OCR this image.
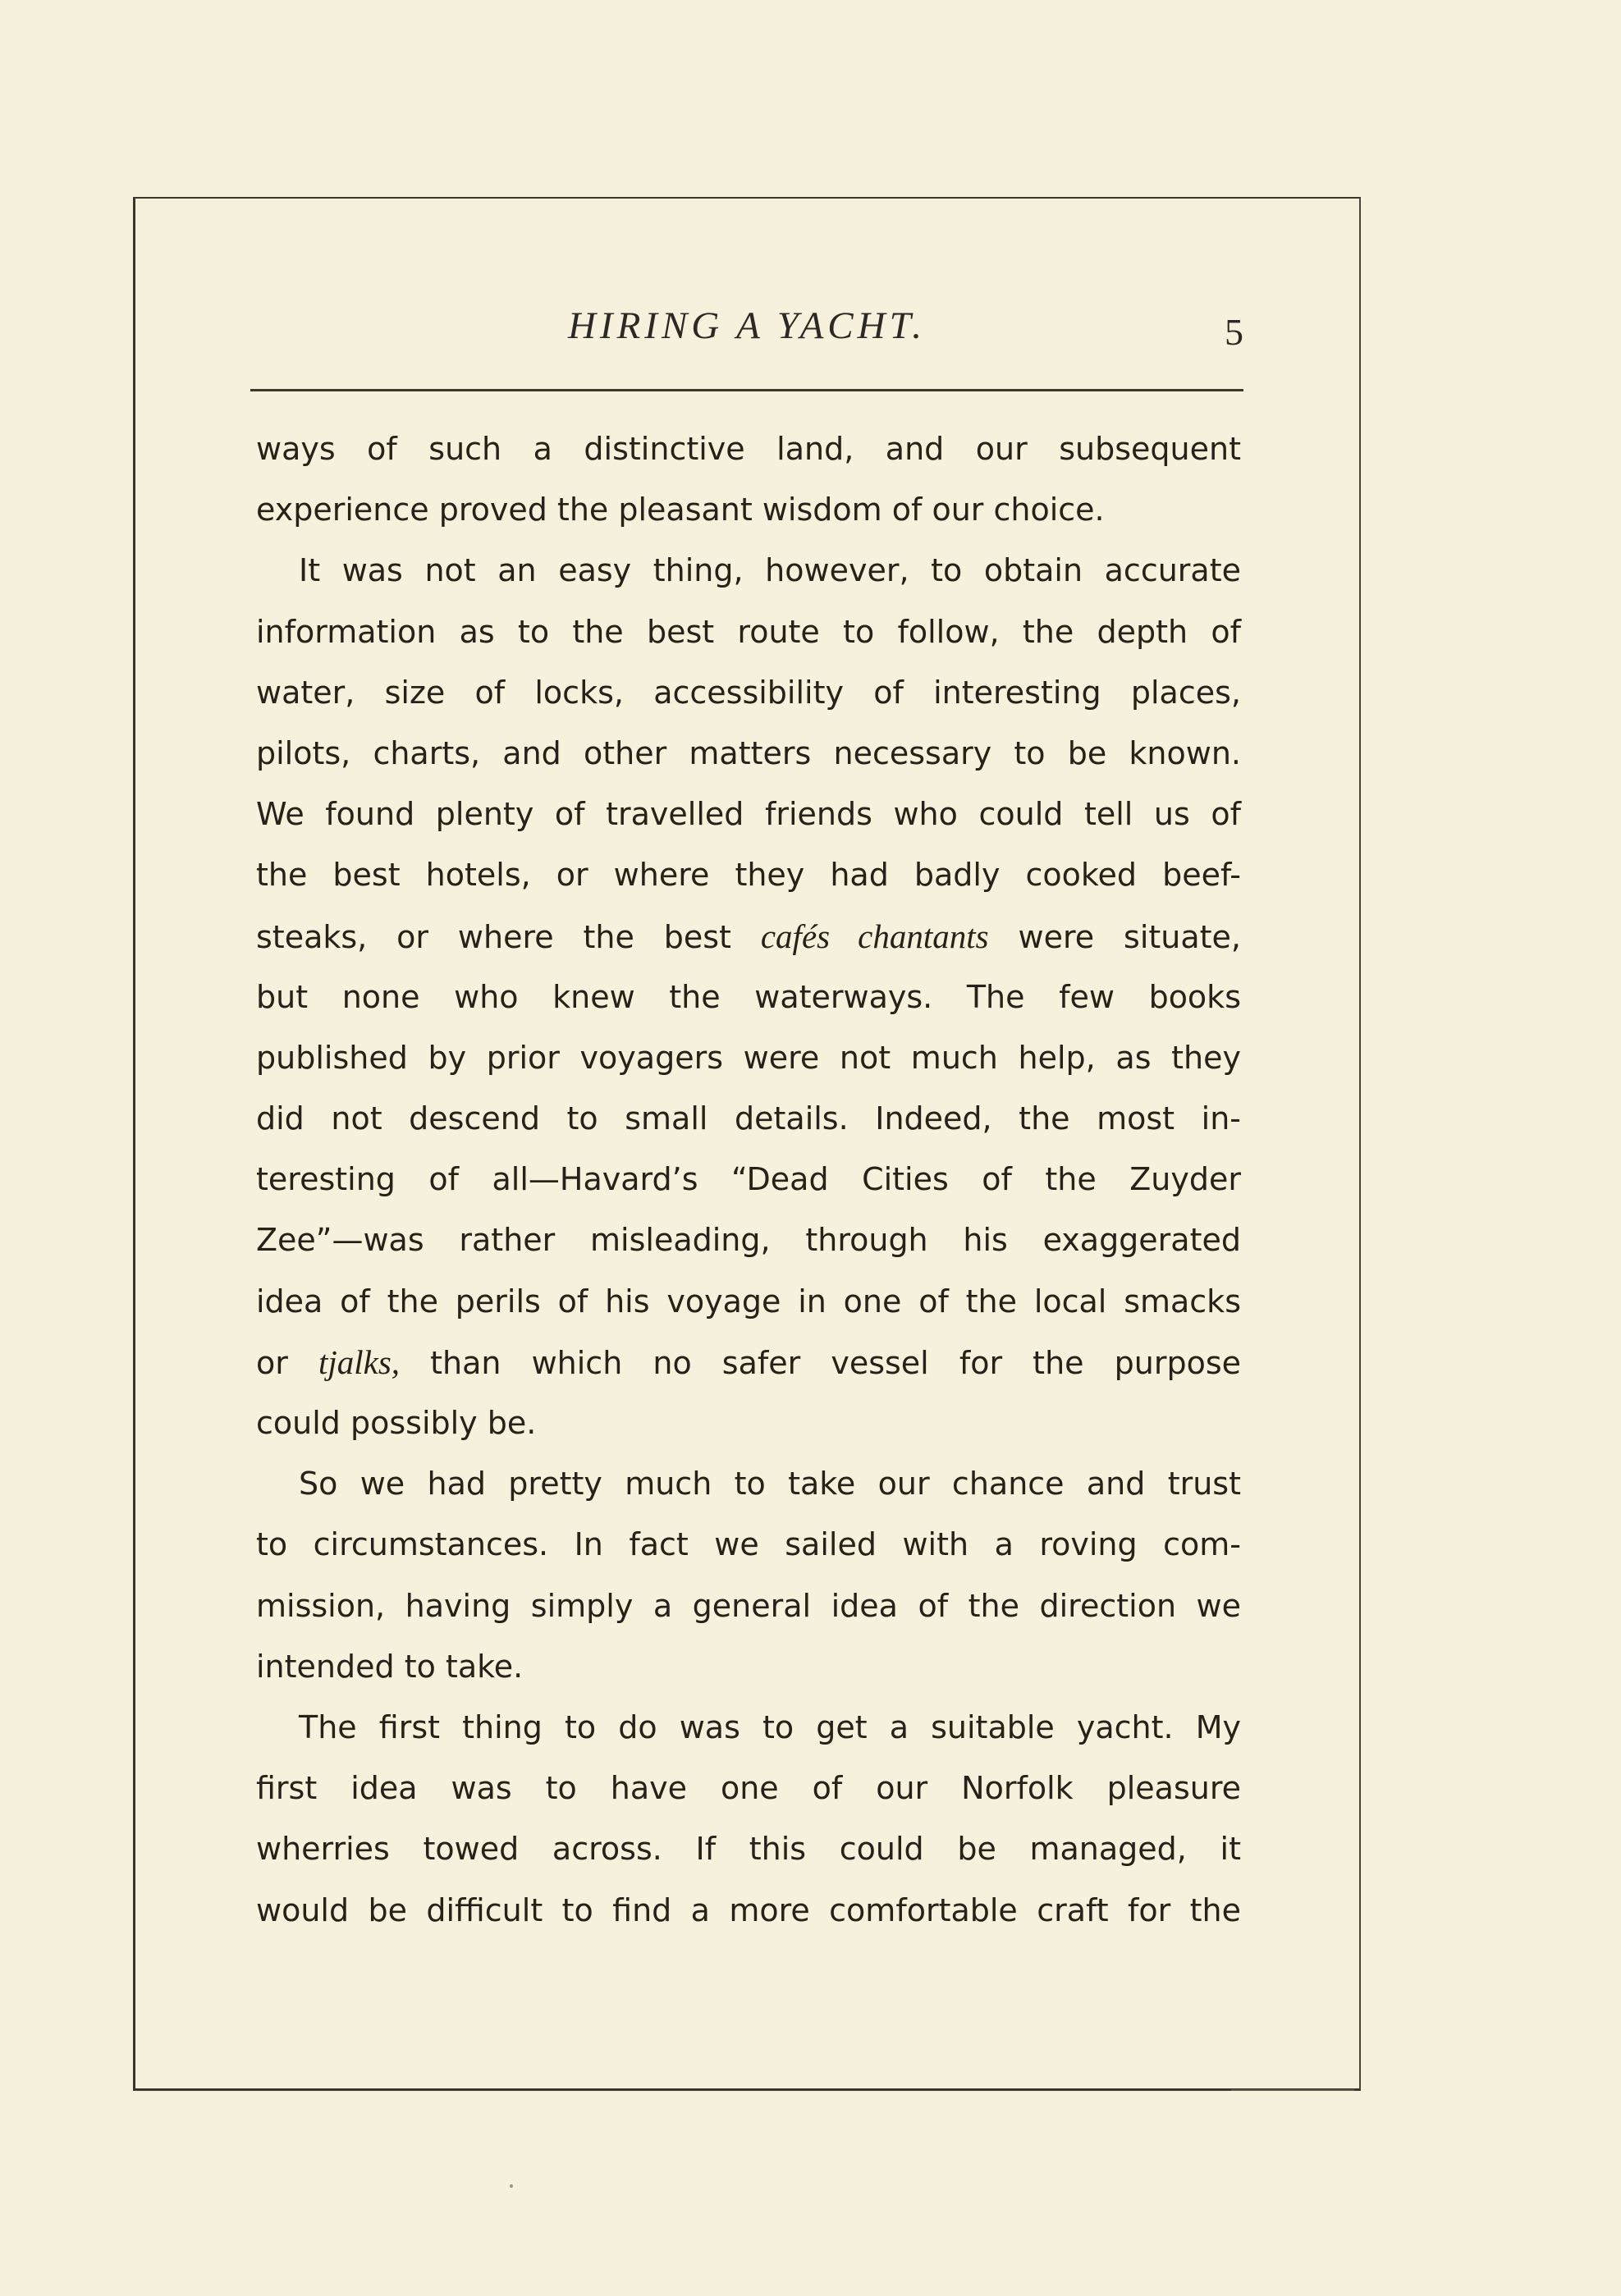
HIRING A YACHT.	5
ways of such a distinctive land, and our subsequent
experience proved the pleasant wisdom of our choice.
It was not an easy thing, however, to obtain accurate
information as to the best route to follow, the depth of
water, size of locks, accessibility of interesting places,
pilots, charts, and other matters necessary to be known.
We found plenty of travelled friends who could tell us of
the best hotels, or where they had badly cooked beef-
steaks, or where the best cafés chantants were situate,
but none who knew the waterways. The few books
published by prior voyagers were not much help, as they
did not descend to small details. Indeed, the most in-
teresting of all—Havard’s “Dead Cities of the Zuyder
Zee”—was rather misleading, through his exaggerated
idea of the perils of his voyage in one of the local smacks
or tjalks, than which no safer vessel for the purpose
could possibly be.
So we had pretty much to take our chance and trust
to circumstances. In fact we sailed with a roving com-
mission, having simply a general idea of the direction we
intended to take.
The first thing to do was to get a suitable yacht. My
first idea was to have one of our Norfolk pleasure
wherries towed across. If this could be managed, it
would be difficult to find a more comfortable craft for the
